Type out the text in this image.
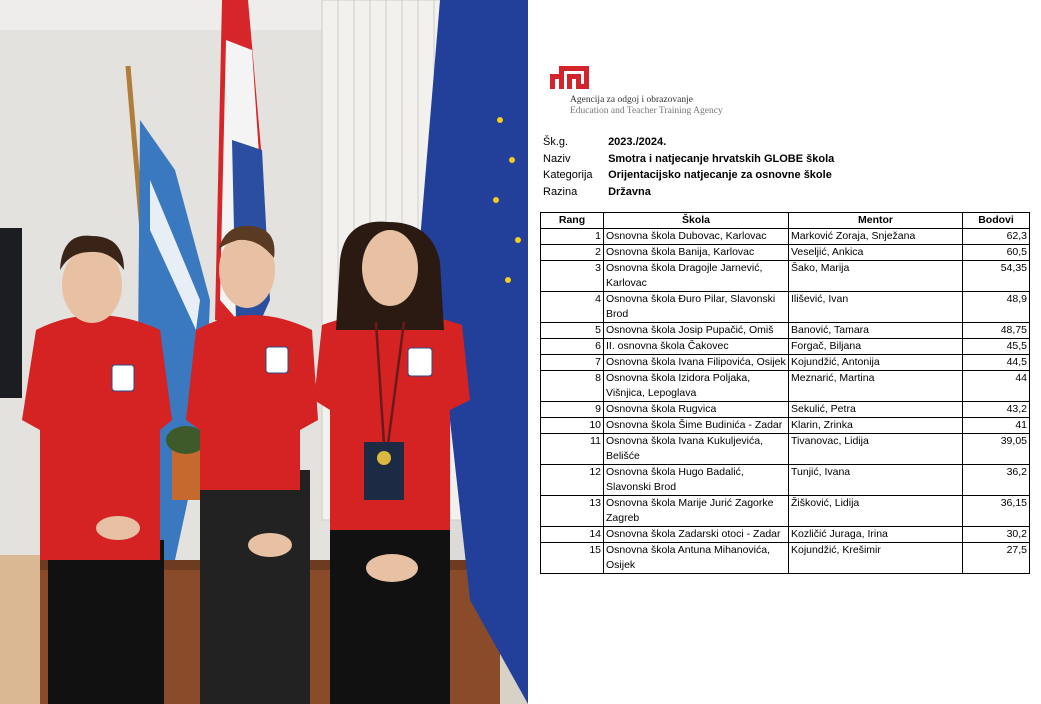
Agencija za odgoj i obrazovanje
Education and Teacher Training Agency
Šk.g.	2023./2024.
Naziv	Smotra i natjecanje hrvatskih GLOBE škola
Kategorija Orijentacijsko natjecanje za osnovne škole
Razina	Državna
Rang	Škola	Mentor	Bodovi
1	Osnovna škola Dubovac, Karlovac	Marković Zoraja, Snježana	62,3
2	Osnovna škola Banija, Karlovac	Veseljić, Ankica	60,5
3	Osnovna škola Dragojle Jarnević, Karlovac	Šako, Marija	54,35
4	Osnovna škola Đuro Pilar, Slavonski Brod	Ilišević, Ivan	48,9
5	Osnovna škola Josip Pupačić, Omiš	Banović, Tamara	48,75
6	II. osnovna škola Čakovec	Forgač, Biljana	45,5
7	Osnovna škola Ivana Filipovića, Osijek	Kojundžić, Antonija	44,5
8	Osnovna škola Izidora Poljaka, Višnjica, Lepoglava	Meznarić, Martina	44
9	Osnovna škola Rugvica	Sekulić, Petra	43,2
10	Osnovna škola Šime Budinića - Zadar	Klarin, Zrinka	41
11	Osnovna škola Ivana Kukuljevića, Belišće	Tivanovac, Lidija	39,05
12	Osnovna škola Hugo Badalić, Slavonski Brod	Tunjić, Ivana	36,2
13	Osnovna škola Marije Jurić Zagorke Zagreb	Žišković, Lidija	36,15
14	Osnovna škola Zadarski otoci - Zadar	Kozličić Juraga, Irina	30,2
15	Osnovna škola Antuna Mihanovića, Osijek	Kojundžić, Krešimir	27,5
